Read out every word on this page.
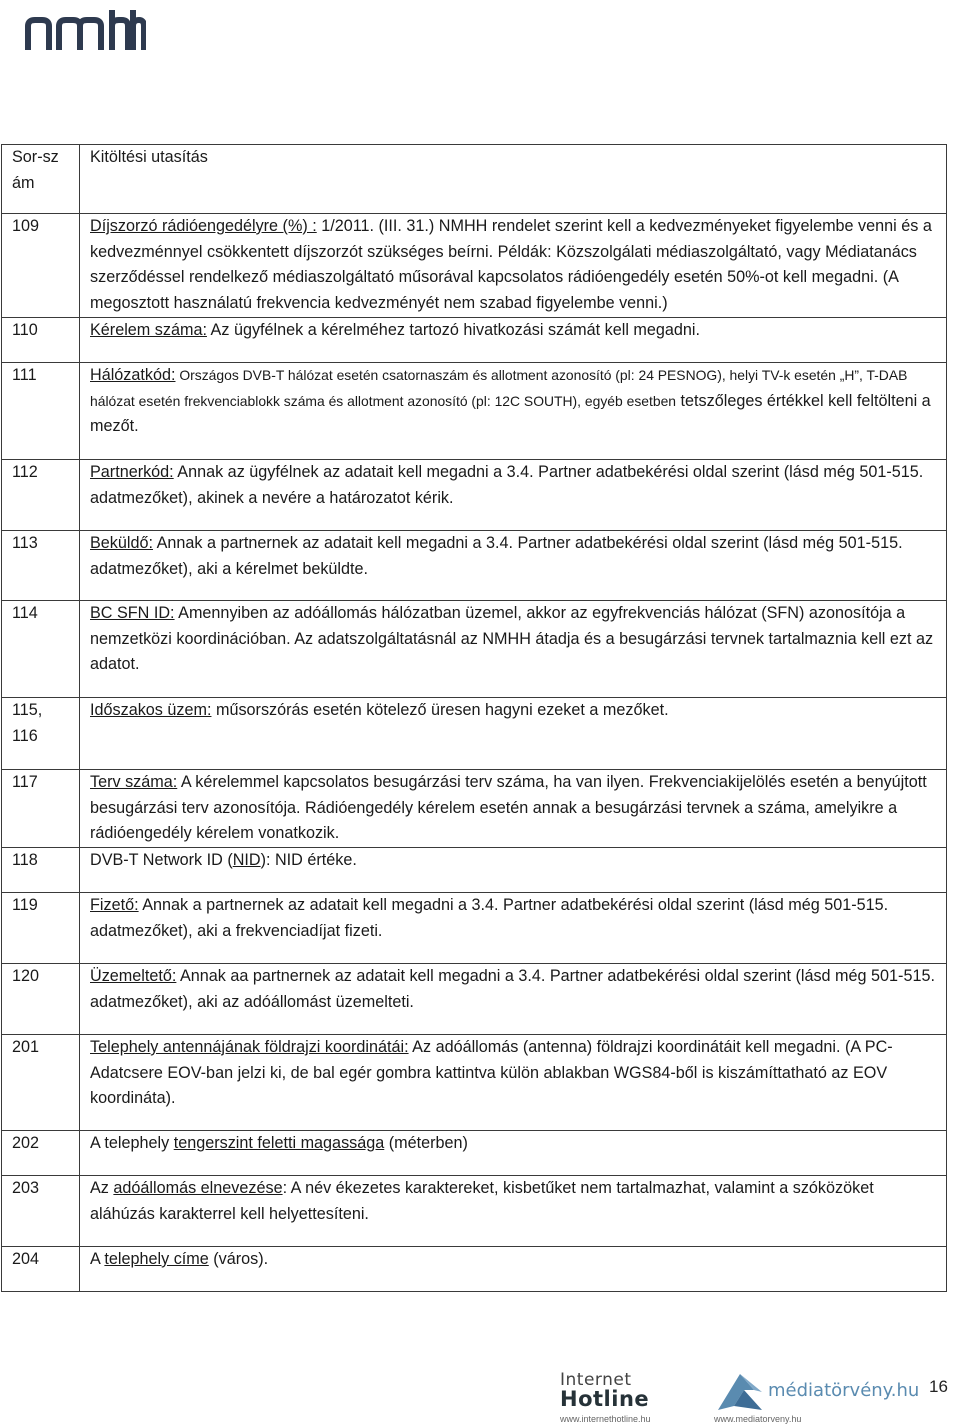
nmhh
Sor-szám	Kitöltési utasítás
109	Díjszorzó rádióengedélyre (%) : 1/2011. (III. 31.) NMHH rendelet szerint kell a kedvezményeket figyelembe venni és a kedvezménnyel csökkentett díjszorzót szükséges beírni. Példák: Közszolgálati médiaszolgáltató, vagy Médiatanács szerződéssel rendelkező médiaszolgáltató műsorával kapcsolatos rádióengedély esetén 50%-ot kell megadni. (A megosztott használatú frekvencia kedvezményét nem szabad figyelembe venni.)
110	Kérelem száma: Az ügyfélnek a kérelméhez tartozó hivatkozási számát kell megadni.
111	Hálózatkód: Országos DVB-T hálózat esetén csatornaszám és allotment azonosító (pl: 24 PESNOG), helyi TV-k esetén „H”, T-DAB hálózat esetén frekvenciablokk száma és allotment azonosító (pl: 12C SOUTH), egyéb esetben tetszőleges értékkel kell feltölteni a mezőt.
112	Partnerkód: Annak az ügyfélnek az adatait kell megadni a 3.4. Partner adatbekérési oldal szerint (lásd még 501-515. adatmezőket), akinek a nevére a határozatot kérik.
113	Beküldő: Annak a partnernek az adatait kell megadni a 3.4. Partner adatbekérési oldal szerint (lásd még 501-515. adatmezőket), aki a kérelmet beküldte.
114	BC SFN ID: Amennyiben az adóállomás hálózatban üzemel, akkor az egyfrekvenciás hálózat (SFN) azonosítója a nemzetközi koordinációban. Az adatszolgáltatásnál az NMHH átadja és a besugárzási tervnek tartalmaznia kell ezt az adatot.
115, 116	Időszakos üzem: műsorszórás esetén kötelező üresen hagyni ezeket a mezőket.
117	Terv száma: A kérelemmel kapcsolatos besugárzási terv száma, ha van ilyen. Frekvenciakijelölés esetén a benyújtott besugárzási terv azonosítója. Rádióengedély kérelem esetén annak a besugárzási tervnek a száma, amelyikre a rádióengedély kérelem vonatkozik.
118	DVB-T Network ID (NID): NID értéke.
119	Fizető: Annak a partnernek az adatait kell megadni a 3.4. Partner adatbekérési oldal szerint (lásd még 501-515. adatmezőket), aki a frekvenciadíjat fizeti.
120	Üzemeltető: Annak aa partnernek az adatait kell megadni a 3.4. Partner adatbekérési oldal szerint (lásd még 501-515. adatmezőket), aki az adóállomást üzemelteti.
201	Telephely antennájának földrajzi koordinátái: Az adóállomás (antenna) földrajzi koordinátáit kell megadni. (A PC-Adatcsere EOV-ban jelzi ki, de bal egér gombra kattintva külön ablakban WGS84-ből is kiszámíttatható az EOV koordináta).
202	A telephely tengerszint feletti magassága (méterben)
203	Az adóállomás elnevezése: A név ékezetes karaktereket, kisbetűket nem tartalmazhat, valamint a szóközöket aláhúzás karakterrel kell helyettesíteni.
204	A telephely címe (város).
Internet
Hotline
www.internethotline.hu
médiatörvény.hu
www.mediatorveny.hu
16
